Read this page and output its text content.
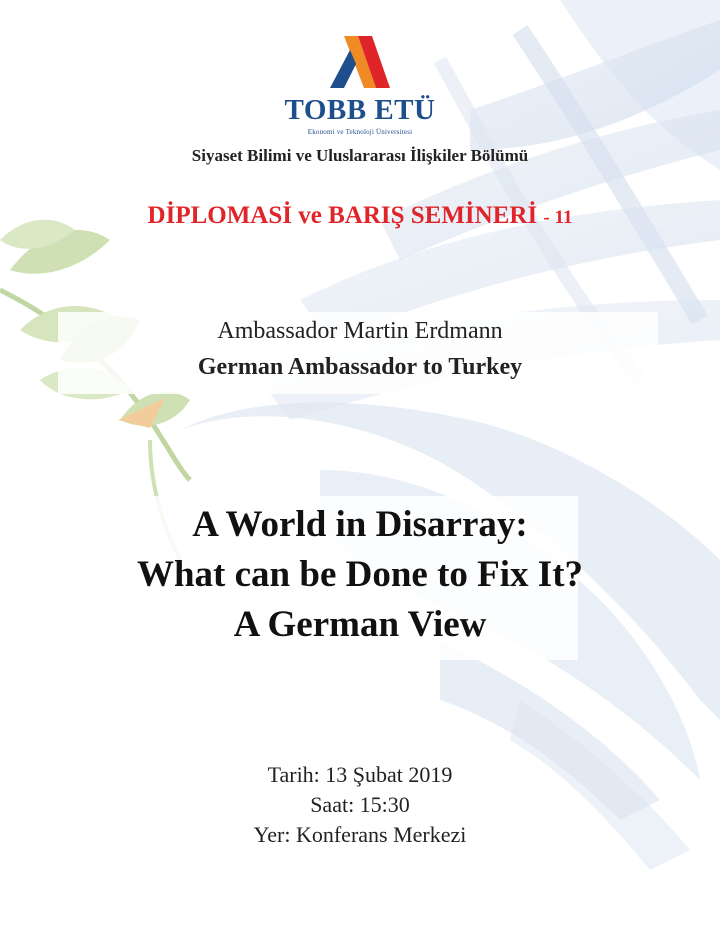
TOBB ETÜ
Ekonomi ve Teknoloji Üniversitesi
Siyaset Bilimi ve Uluslararası İlişkiler Bölümü
DİPLOMASİ ve BARIŞ SEMİNERİ - 11
Ambassador Martin Erdmann
German Ambassador to Turkey
A World in Disarray:
What can be Done to Fix It?
A German View
Tarih: 13 Şubat 2019
Saat: 15:30
Yer: Konferans Merkezi
